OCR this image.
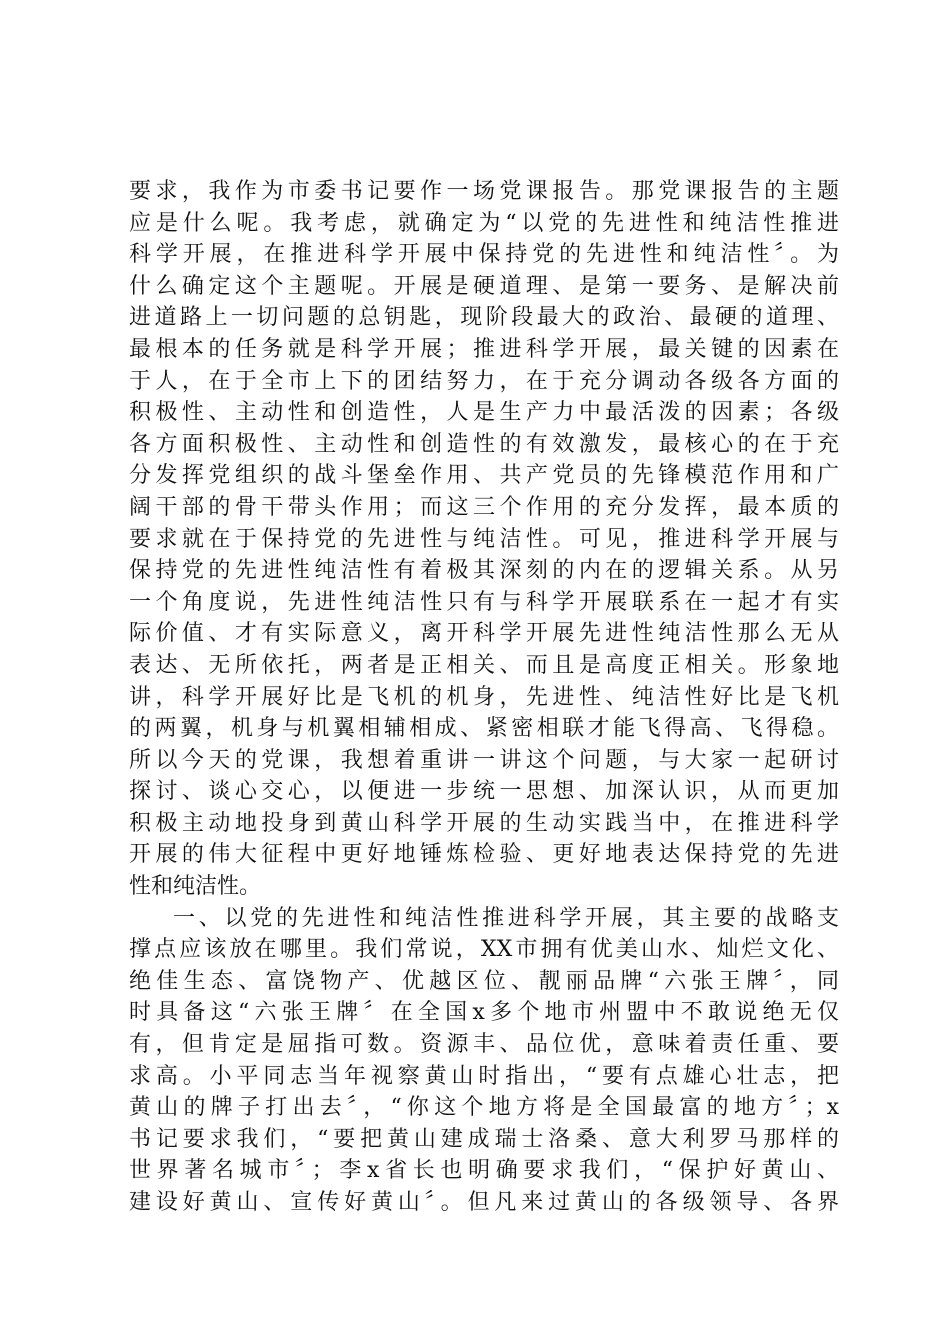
要求，我作为市委书记要作一场党课报告。那党课报告的主题
应是什么呢。我考虑，就确定为“以党的先进性和纯洁性推进
科学开展，在推进科学开展中保持党的先进性和纯洁性〞。为
什么确定这个主题呢。开展是硬道理、是第一要务、是解决前
进道路上一切问题的总钥匙，现阶段最大的政治、最硬的道理、
最根本的任务就是科学开展；推进科学开展，最关键的因素在
于人，在于全市上下的团结努力，在于充分调动各级各方面的
积极性、主动性和创造性，人是生产力中最活泼的因素；各级
各方面积极性、主动性和创造性的有效激发，最核心的在于充
分发挥党组织的战斗堡垒作用、共产党员的先锋模范作用和广
阔干部的骨干带头作用；而这三个作用的充分发挥，最本质的
要求就在于保持党的先进性与纯洁性。可见，推进科学开展与
保持党的先进性纯洁性有着极其深刻的内在的逻辑关系。从另
一个角度说，先进性纯洁性只有与科学开展联系在一起才有实
际价值、才有实际意义，离开科学开展先进性纯洁性那么无从
表达、无所依托，两者是正相关、而且是高度正相关。形象地
讲，科学开展好比是飞机的机身，先进性、纯洁性好比是飞机
的两翼，机身与机翼相辅相成、紧密相联才能飞得高、飞得稳。
所以今天的党课，我想着重讲一讲这个问题，与大家一起研讨
探讨、谈心交心，以便进一步统一思想、加深认识，从而更加
积极主动地投身到黄山科学开展的生动实践当中，在推进科学
开展的伟大征程中更好地锤炼检验、更好地表达保持党的先进
性和纯洁性。
一、以党的先进性和纯洁性推进科学开展，其主要的战略支
撑点应该放在哪里。我们常说，XX市拥有优美山水、灿烂文化、
绝佳生态、富饶物产、优越区位、靓丽品牌“六张王牌〞，同
时具备这“六张王牌〞在全国x多个地市州盟中不敢说绝无仅
有，但肯定是屈指可数。资源丰、品位优，意味着责任重、要
求高。小平同志当年视察黄山时指出，“要有点雄心壮志，把
黄山的牌子打出去〞，“你这个地方将是全国最富的地方〞；x
书记要求我们，“要把黄山建成瑞士洛桑、意大利罗马那样的
世界著名城市〞；李x省长也明确要求我们，“保护好黄山、
建设好黄山、宣传好黄山〞。但凡来过黄山的各级领导、各界
